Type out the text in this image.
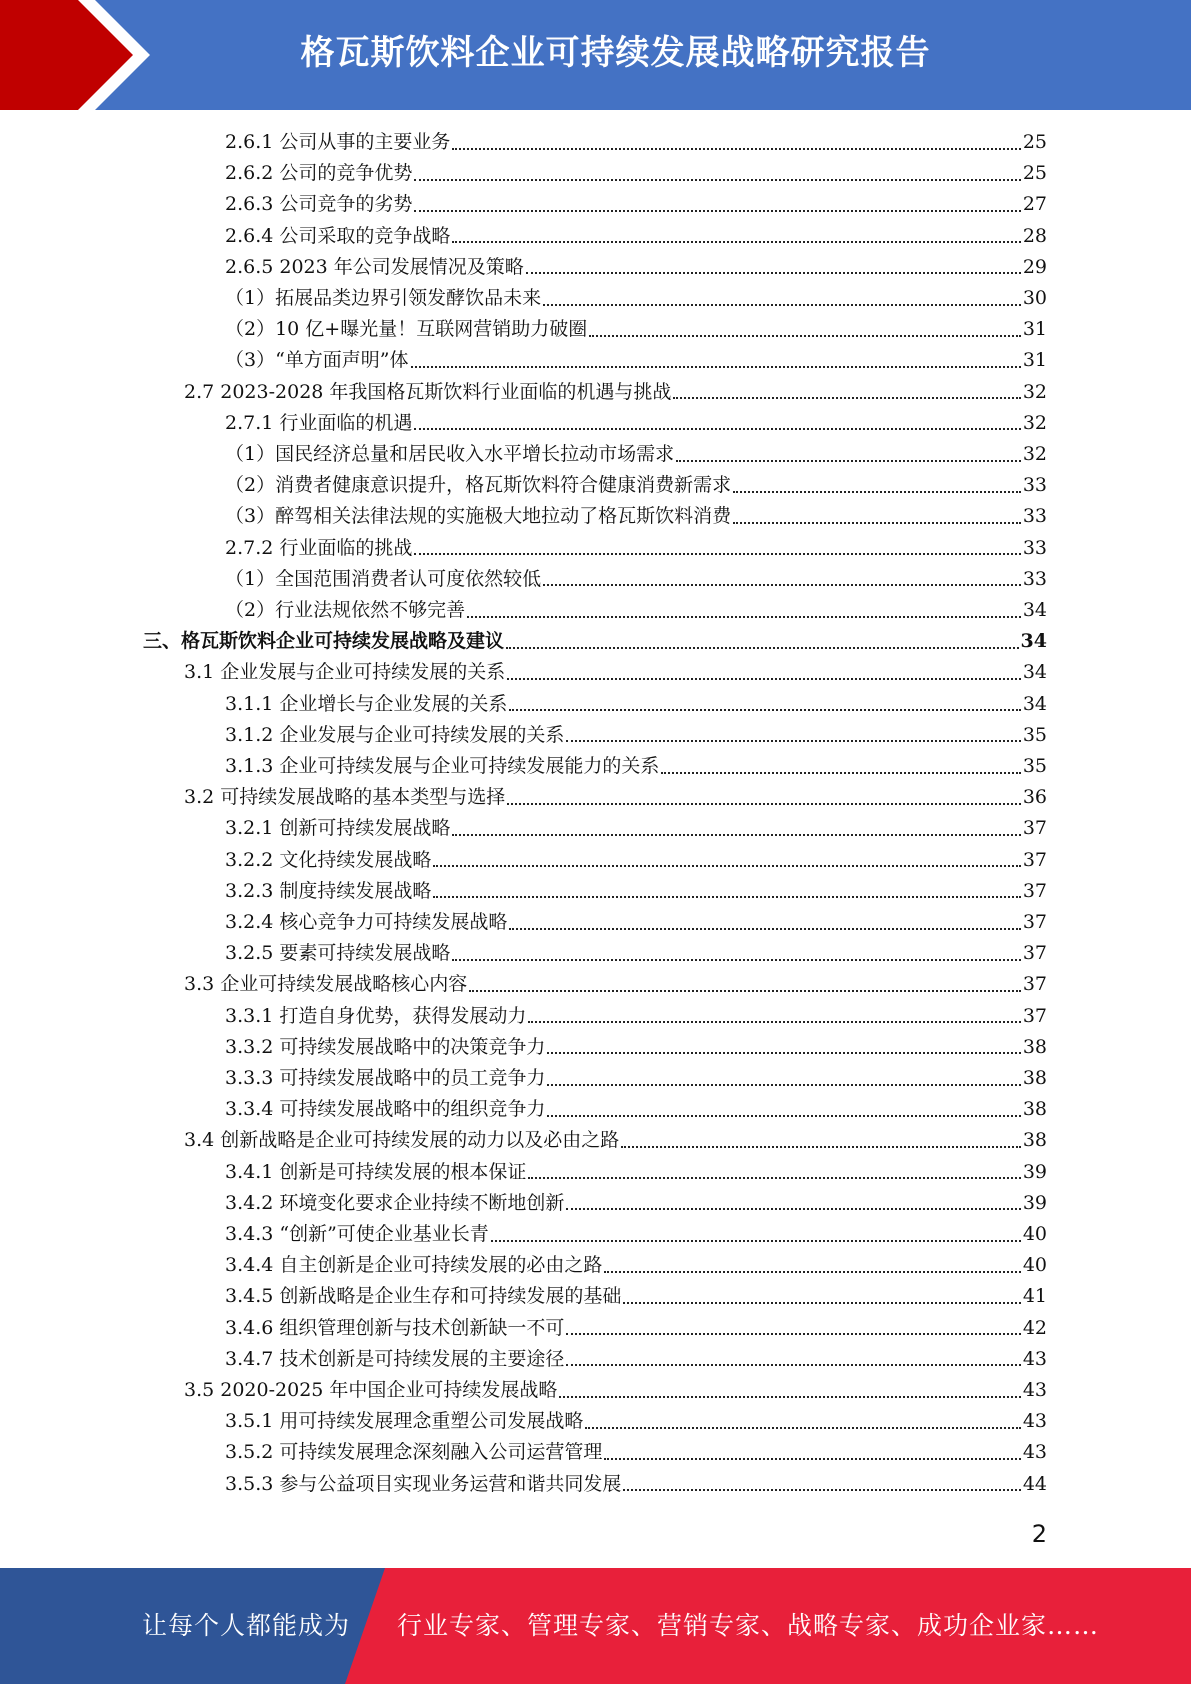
格瓦斯饮料企业可持续发展战略研究报告
2.6.1 公司从事的主要业务	25
2.6.2 公司的竞争优势	25
2.6.3 公司竞争的劣势	27
2.6.4 公司采取的竞争战略	28
2.6.5 2023 年公司发展情况及策略	29
（1）拓展品类边界引领发酵饮品未来	30
（2）10 亿+曝光量！互联网营销助力破圈	31
（3）“单方面声明”体	31
2.7 2023-2028 年我国格瓦斯饮料行业面临的机遇与挑战	32
2.7.1 行业面临的机遇	32
（1）国民经济总量和居民收入水平增长拉动市场需求	32
（2）消费者健康意识提升，格瓦斯饮料符合健康消费新需求	33
（3）醉驾相关法律法规的实施极大地拉动了格瓦斯饮料消费	33
2.7.2 行业面临的挑战	33
（1）全国范围消费者认可度依然较低	33
（2）行业法规依然不够完善	34
三、格瓦斯饮料企业可持续发展战略及建议	34
3.1 企业发展与企业可持续发展的关系	34
3.1.1 企业增长与企业发展的关系	34
3.1.2 企业发展与企业可持续发展的关系	35
3.1.3 企业可持续发展与企业可持续发展能力的关系	35
3.2 可持续发展战略的基本类型与选择	36
3.2.1 创新可持续发展战略	37
3.2.2 文化持续发展战略	37
3.2.3 制度持续发展战略	37
3.2.4 核心竞争力可持续发展战略	37
3.2.5 要素可持续发展战略	37
3.3 企业可持续发展战略核心内容	37
3.3.1 打造自身优势，获得发展动力	37
3.3.2 可持续发展战略中的决策竞争力	38
3.3.3 可持续发展战略中的员工竞争力	38
3.3.4 可持续发展战略中的组织竞争力	38
3.4 创新战略是企业可持续发展的动力以及必由之路	38
3.4.1 创新是可持续发展的根本保证	39
3.4.2 环境变化要求企业持续不断地创新	39
3.4.3 “创新”可使企业基业长青	40
3.4.4 自主创新是企业可持续发展的必由之路	40
3.4.5 创新战略是企业生存和可持续发展的基础	41
3.4.6 组织管理创新与技术创新缺一不可	42
3.4.7 技术创新是可持续发展的主要途径	43
3.5 2020-2025 年中国企业可持续发展战略	43
3.5.1 用可持续发展理念重塑公司发展战略	43
3.5.2 可持续发展理念深刻融入公司运营管理	43
3.5.3 参与公益项目实现业务运营和谐共同发展	44
2
让每个人都能成为 行业专家、管理专家、营销专家、战略专家、成功企业家……
